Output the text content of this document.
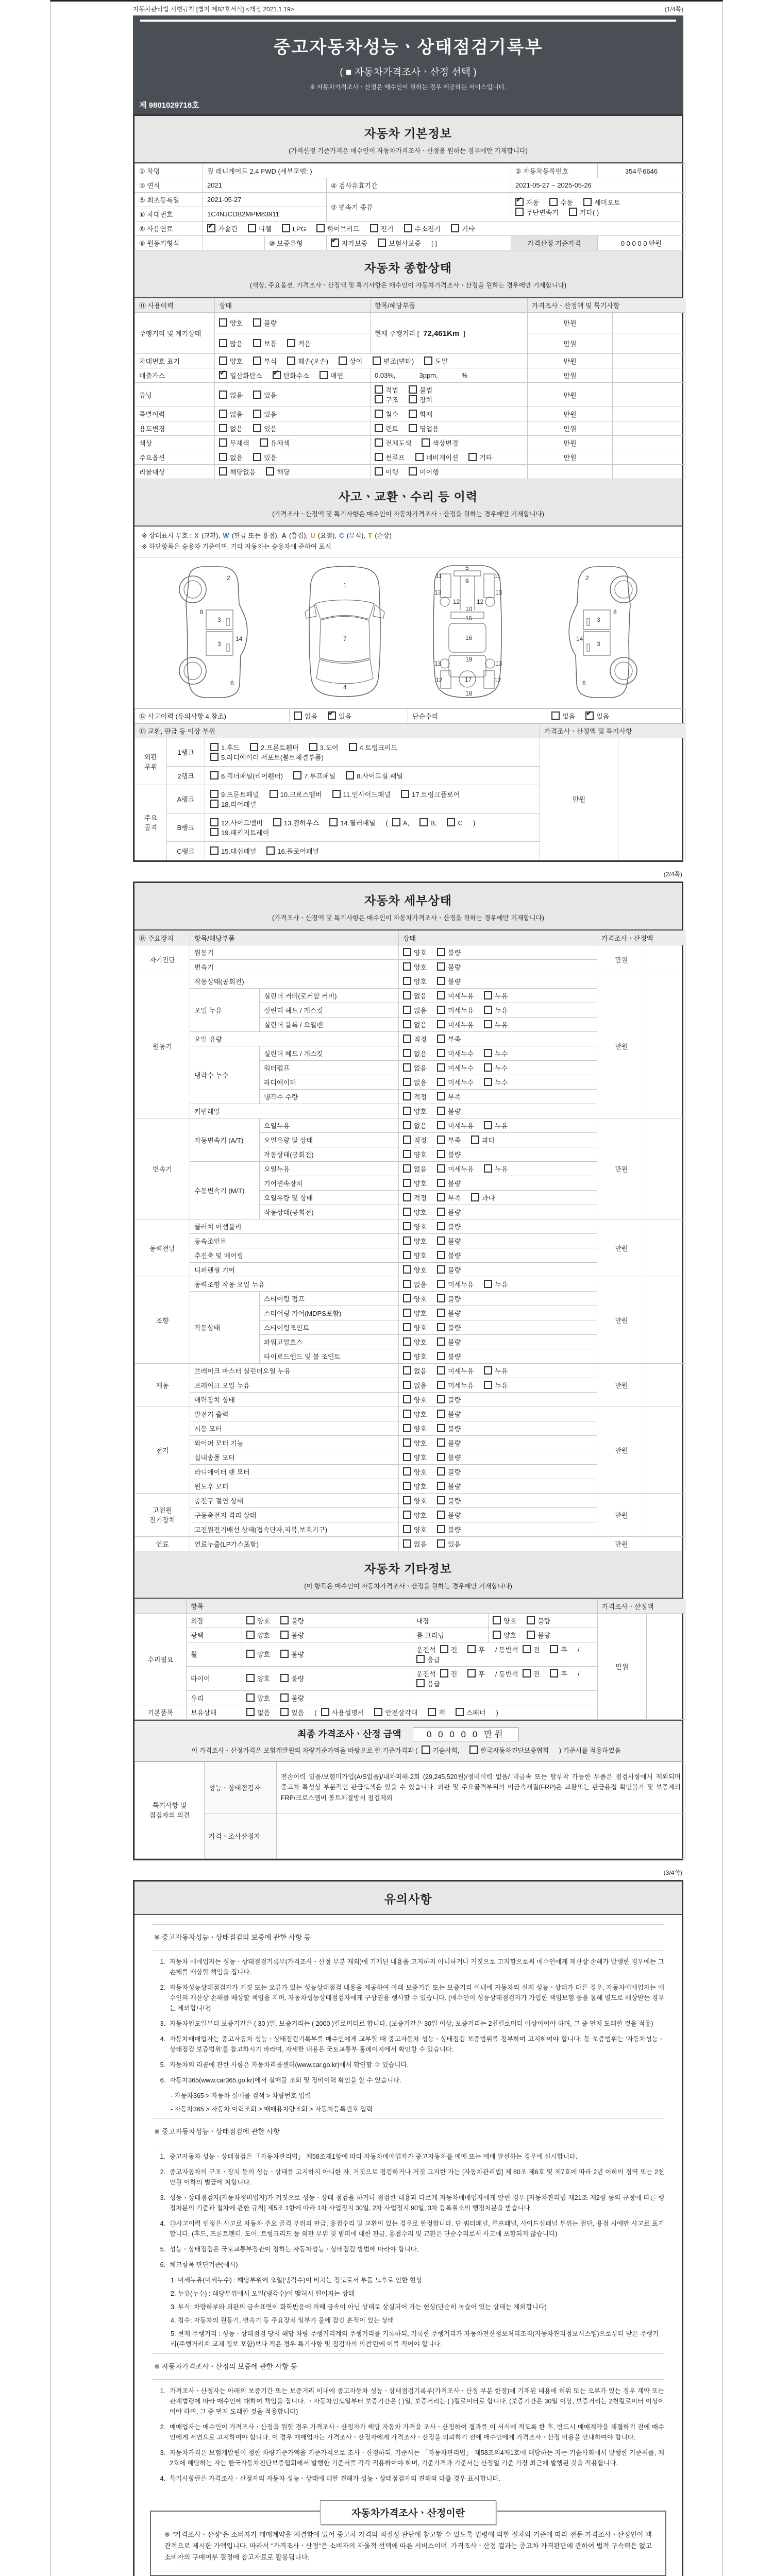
자동차관리법 시행규칙 [별지 제82호서식] <개정 2021.1.19>	(1/4쪽)
중고자동차성능ㆍ상태점검기록부
( ■ 자동차가격조사ㆍ산정 선택 )
※ 자동차가격조사ㆍ산정은 매수인이 원하는 경우 제공하는 서비스입니다.
제 9801029718호
자동차 기본정보
(가격산정 기준가격은 매수인이 자동차가격조사ㆍ산정을 원하는 경우에만 기재합니다)
① 차명	짚 레니게이드 2.4 FWD (세부모델: )			② 자동차등록번호	354루6646
③ 연식	2021		④ 검사유효기간	2021-05-27 ~ 2025-05-26	
⑤ 최초등록일	2021-05-27		⑦ 변속기 종류	✔자동 수동 세미오토
무단변속기 기타( )
⑥ 차대번호	1C4NJCDB2MPM83911				
⑧ 사용연료	✔가솔린 디젤 LPG 하이브리드 전기 수소전기 기타
⑨ 원동기형식		⑩ 보증유형	✔자가보증 보험사보증 [ ]	가격산정 기준가격	0 0 0 0 0 만원
자동차 종합상태
(색상, 주요옵션, 가격조사ㆍ산정액 및 특기사항은 매수인이 자동차가격조사ㆍ산정을 원하는 경우에만 기재합니다)
⑪ 사용이력	상태	항목/해당부품	가격조사ㆍ산정액 및 특기사항	
주행거리 및 계기상태	양호 불량	현재 주행거리 [ 72,461Km ]	만원	
	많음 보통 적음		만원	
차대번호 표기	양호 부식 훼손(오손) 상이 변조(변타) 도말		만원	
배출가스	✔일산화탄소 ✔ 탄화수소 매연	0.03%, 3ppm, %	만원	
튜닝	없음 있음	적법 불법구조 장치	만원	
특별이력	없음 있음	침수 화재	만원	
용도변경	없음 있음	렌트 영업용	만원	
색상	무채색 유채색	전체도색 색상변경	만원	
주요옵션	없음 있음	썬루프 네비게이션 기타	만원	
리콜대상	해당없음 해당	이행 미이행		
사고ㆍ교환ㆍ수리 등 이력
(가격조사ㆍ산정액 및 특기사항은 매수인이 자동차가격조사ㆍ산정을 원하는 경우에만 기재합니다)
※ 상태표시 부호 : X (교환), W (판금 또는 용접), A (흠집), U (요철), C (부식), T (손상)
※ 하단항목은 승용차 기준이며, 기타 자동차는 승용차에 준하여 표시
2
8
3
14
3
6
1
7
4
5
11	11
9
13	13
12	12
10
15
16
19
13	13
12	12
17
18
2
3
8
14
3
6
⑫ 사고이력 (유의사항 4.참조)	없음 ✔	있음	단순수리	없음 ✔	있음
⑬ 교환, 판금 등 이상 부위			가격조사ㆍ산정액 및 특기사항	
외판
부위	1랭크	1.후드 2.프론트휀더 3.도어 4.트렁크리드
5.라디에이터 서포트(볼트체결부품)	만원	
	2랭크	6.쿼더패널(리어휀더) 7.루프패널 8.사이드실 패널		
주요
골격	A랭크	9.프론트패널 10.크로스멤버 11.인사이드패널 17.트렁크플로어
18.리어패널		
	B랭크	12.사이드멤버 13.휠하우스 14.필러패널 ( A, B, C )
19.패키지트레이		
	C랭크	15.대쉬패널 16.플로어패널		
(2/4쪽)
자동차 세부상태
(가격조사ㆍ산정액 및 특기사항은 매수인이 자동차가격조사ㆍ산정을 원하는 경우에만 기재합니다)
⑭ 주요장치	항목/해당부품		상태	가격조사ㆍ산정액	
자기진단	원동기		양호 불량	만원	
	변속기		양호 불량		
원동기	작동상태(공회전)		양호 불량	만원	
	오일 누유	실린더 커버(로커암 커버)	없음 미세누유 누유		
		실린더 헤드 / 개스킷	없음 미세누유 누유		
		실린더 블록 / 오일팬	없음 미세누유 누유		
	오일 유량		적정 부족		
	냉각수 누수	실린더 헤드 / 개스킷	없음 미세누수 누수		
		워터펌프	없음 미세누수 누수		
		라디에이터	없음 미세누수 누수		
		냉각수 수량	적정 부족		
	커먼레일		양호 불량		
변속기	자동변속기 (A/T)	오일누유	없음 미세누유 누유	만원	
		오일유량 및 상태	적정 부족 과다		
		작동상태(공회전)	양호 불량		
	수동변속기 (M/T)	오일누유	없음 미세누유 누유		
		기어변속장치	양호 불량		
		오일유량 및 상태	적정 부족 과다		
		작동상태(공회전)	양호 불량		
동력전달	클러치 어셈블리		양호 불량	만원	
	등속조인트		양호 불량		
	추진축 및 베어링		양호 불량		
	디퍼렌셜 기어		양호 불량		
조향	동력조향 작동 오일 누유		없음 미세누유 누유	만원	
	작동상태	스티어링 펌프	양호 불량		
		스티어링 기어(MDPS포함)	양호 불량		
		스티어링조인트	양호 불량		
		파워고압호스	양호 불량		
		타이로드엔드 및 볼 조인트	양호 불량		
제동	브레이크 마스터 실린더오일 누유		없음 미세누유 누유	만원	
	브레이크 오일 누유		없음 미세누유 누유		
	배력장치 상태		양호 불량		
전기	발전기 출력		양호 불량	만원	
	시동 모터		양호 불량		
	와이퍼 모터 기능		양호 불량		
	실내송풍 모터		양호 불량		
	라디에이터 팬 모터		양호 불량		
	윈도우 모터		양호 불량		
고전원 전기장치	충전구 절연 상태		양호 불량	만원	
	구동축전지 격리 상태		양호 불량		
	고전원전기배선 상태(접속단자,피복,보호기구)		양호 불량		
연료	연료누출(LP가스포함)		없음 있음	만원	
자동차 기타정보
(이 항목은 매수인이 자동차가격조사ㆍ산정을 원하는 경우에만 기재합니다)
	항목				가격조사ㆍ산정액	
수리필요	외장	양호 불량	내장	양호 불량	만원	
	광택	양호 불량	룸 크리닝	양호 불량		
	휠	양호 불량	운전석 전 후 / 동반석 전 후 /응급			
	타이어	양호 불량	운전석 전 후 / 동반석 전 후 /응급			
	유리	양호 불량				
기본품목	보유상태	없음 있음 ( 사용설명서 안전삼각대 잭 스패너 )				
최종 가격조사ㆍ산정 금액	0 0 0 0 0 만원
이 가격조사ㆍ산정가격은 보험개발원의 차량기준가액을 바탕으로 한 기준가격과 ( 기술사회,	한국자동차진단보증협회 ) 기준서를 적용하였음
특기사항 및 점검자의 의견	성능ㆍ상태점검자	전손이력 있음/보험미가입(A/S없음)/내차피해-2회 (29,245,520원)/정비이력 없음/ 비금속 또는 탈부착 가능한 부품은 점검사항에서 제외되며 중고차 특성상 부분적인 판금도색은 있을 수 있습니다. 외판 및 주요골격부위의 비금속재질(FRP)은 교환또는 판금용접 확인불가 및 보증제외 FRP/크로스멤버 볼트체결방식 점검제외
	가격ㆍ조사산정자	
(3/4쪽)
유의사항
※ 중고자동차성능ㆍ상태점검의 보증에 관한 사항 등
1. 자동차 매매업자는 성능ㆍ상태점검기록부(가격조사ㆍ산정 부분 제외)에 기재된 내용을 고지하지 아니하거나 거짓으로 고지함으로써 매수인에게 재산상 손해가 발생한 경우에는 그 손해를 배상할 책임을 집니다.
2. 자동차성능상태점검자가 거짓 또는 오류가 있는 성능상태점검 내용을 제공하여 아래 보증기간 또는 보증거리 이내에 자동차의 실제 성능ㆍ상태가 다른 경우, 자동차매매업자는 매수인의 재산상 손해를 배상할 책임을 지며, 자동차성능상태점검자에게 구상권을 행사할 수 있습니다. (매수인이 성능상태점검자가 가입한 책임보험 등을 통해 별도로 배상받는 경우는 제외합니다)
3. 자동차인도일부터 보증기간은 ( 30 )일, 보증거리는 ( 2000 )킬로미터로 합니다. (보증기간은 30일 이상, 보증거리는 2천킬로미터 이상이어야 하며, 그 중 먼저 도래한 것을 적용)
4. 자동차매매업자는 중고자동차 성능ㆍ상태점검기록부를 매수인에게 교부할 때 중고자동차 성능ㆍ상태점검 보증범위를 첨부하여 고지하여야 합니다. 동 보증범위는 '자동차성능ㆍ상태점검 보증범위'를 참고하시기 바라며, 자세한 내용은 국토교통부 홈페이지에서 확인할 수 있습니다.
5. 자동차의 리콜에 관한 사항은 자동차리콜센터(www.car.go.kr)에서 확인할 수 있습니다.
6. 자동차365(www.car365.go.kr)에서 실매물 조회 및 정비이력 확인을 할 수 있습니다.
- 자동차365 > 자동차 실매물 검색 > 차량번호 입력
- 자동차365 > 자동차 이력조회 > 매매용차량조회 > 자동차등록번호 입력
※ 중고자동차성능ㆍ상태점검에 관한 사항
1. 중고자동차 성능ㆍ상태점검은 「자동차관리법」 제58조제1항에 따라 자동차매매업자가 중고자동차를 매매 또는 매매 알선하는 경우에 실시합니다.
2. 중고자동차의 구조ㆍ장치 등의 성능ㆍ상태를 고지하지 아니한 자, 거짓으로 점검하거나 거짓 고지한 자는 [자동차관리법] 제 80조 제6호 및 제7호에 따라 2년 이하의 징역 또는 2천만원 이하의 벌금에 처합니다.
3. 성능ㆍ상태점검자(자동차정비업자)가 거짓으로 성능ㆍ상태 점검을 하거나 점검한 내용과 다르게 자동차매매업자에게 알린 경우 [자동차관리법 제21조 제2항 등의 규정에 따른 행정처분의 기준과 절차에 관한 규칙] 제5조 1항에 따라 1차 사업정지 30일, 2차 사업정지 90일, 3차 등록취소의 행정처분을 받습니다.
4. ⑫사고이력 인정은 사고로 자동차 주요 골격 부위의 판금, 용접수리 및 교환이 있는 경우로 한정합니다. 단 쿼터패널, 루프패널, 사이드실패널 부위는 절단, 용접 시에만 사고로 표기합니다. (후드, 프론트펜더, 도어, 트렁크리드 등 외판 부위 및 범퍼에 대한 판금, 용접수리 및 교환은 단순수리로서 사고에 포함되지 않습니다)
5. 성능ㆍ상태점검은 국토교통부장관이 정하는 자동차성능ㆍ상태점검 방법에 따라야 합니다.
6. 체크항목 판단기준(예시)
1. 미세누유(미세누수) : 해당부위에 오일(냉각수)이 비치는 정도로서 부품 노후로 인한 현상
2. 누유(누수) : 해당부위에서 오일(냉각수)이 맺혀서 떨어지는 상태
3. 부식: 차량하부와 외판의 금속표면이 화학반응에 의해 금속이 아닌 상태로 상실되어 가는 현상(단순히 녹슬어 있는 상태는 제외합니다)
4. 침수: 자동차의 원동기, 변속기 등 주요장치 일부가 물에 잠긴 흔적이 있는 상태
5. 현재 주행거리 : 성능ㆍ상태점검 당시 해당 차량 주행거리계의 주행거리를 기록하되, 기록한 주행거리가 자동차전산정보처리조직(자동차관리정보시스템)으로부터 받은 주행거리(주행거리계 교체 정보 포함)보다 적은 경우 특기사항 및 점검자의 의견'란에 이를 적어야 합니다.
※ 자동차가격조사ㆍ산정의 보증에 관한 사항 등
1. 가격조사ㆍ산정자는 아래의 보증기간 또는 보증거리 이내에 중고자동차 성능ㆍ상태점검기록부(가격조사ㆍ산정 부분 한정)에 기재된 내용에 허위 또는 오류가 있는 경우 계약 또는 관계법령에 따라 매수인에 대하여 책임을 집니다. ㆍ자동차인도일부터 보증기간은 ( )일, 보증거리는 ( )킬로미터로 합니다. (보증기간은 30일 이상, 보증거리는 2천킬로미터 이상이어야 하며, 그 중 먼저 도래한 것을 적용합니다)
2. 매매업자는 매수인이 가격조사ㆍ산정을 원할 경우 가격조사ㆍ산정자가 해당 자동차 가격을 조사ㆍ산정하여 결과를 이 서식에 적도록 한 후, 반드시 매매계약을 체결하기 전에 매수인에게 서면으로 고지하여야 합니다. 이 경우 매매업자는 가격조사ㆍ산정자에게 가격조사ㆍ산정을 의뢰하기 전에 매수인에게 가격조사ㆍ산정 비용을 안내하여야 합니다.
3. 자동차가격은 보험개발원이 정한 차량기준가액을 기준가격으로 조사ㆍ산정하되, 기준서는 「자동차관리법」 제58조의4제1호에 해당하는 자는 기술사회에서 발행한 기준서를, 제2호에 해당하는 자는 한국자동차진단보증협회에서 발행한 기준서를 각각 적용하여야 하며, 기준가격과 기준서는 산정일 기준 가장 최근에 발행된 것을 적용합니다.
4. 특기사항란은 가격조사ㆍ산정자의 자동차 성능ㆍ상태에 대한 견해가 성능ㆍ상태점검자의 견해와 다를 경우 표시합니다.
자동차가격조사ㆍ산정이란
※ "가격조사ㆍ산정"은 소비자가 매매계약을 체결함에 있어 중고차 가격의 적절성 판단에 참고할 수 있도록 법령에 의한 절차와 기준에 따라 전문 가격조사ㆍ산정인이 객관적으로 제시한 가액입니다. 따라서 "가격조사ㆍ산정"은 소비자의 자율적 선택에 따른 서비스이며, 가격조사ㆍ산정 결과는 중고차 가격판단에 관하여 법적 구속력은 없고 소비자의 구매여부 결정에 참고자료로 활용됩니다.
